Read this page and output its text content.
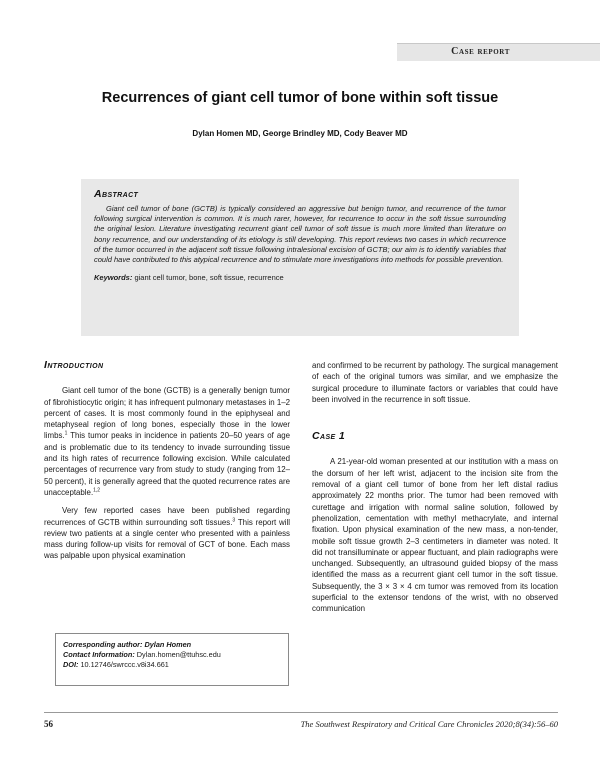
Case report
Recurrences of giant cell tumor of bone within soft tissue
Dylan Homen MD, George Brindley MD, Cody Beaver MD
Abstract

Giant cell tumor of bone (GCTB) is typically considered an aggressive but benign tumor, and recurrence of the tumor following surgical intervention is common. It is much rarer, however, for recurrence to occur in the soft tissue surrounding the original lesion. Literature investigating recurrent giant cell tumor of soft tissue is much more limited than literature on bony recurrence, and our understanding of its etiology is still developing. This report reviews two cases in which recurrence of the tumor occurred in the adjacent soft tissue following intralesional excision of GCTB; our aim is to identify variables that could have contributed to this atypical recurrence and to stimulate more investigations into methods for possible prevention.

Keywords: giant cell tumor, bone, soft tissue, recurrence
Introduction

Giant cell tumor of the bone (GCTB) is a generally benign tumor of fibrohistiocytic origin; it has infrequent pulmonary metastases in 1–2 percent of cases. It is most commonly found in the epiphyseal and metaphyseal region of long bones, especially those in the lower limbs.$^1$ This tumor peaks in incidence in patients 20–50 years of age and is problematic due to its tendency to invade surrounding tissue and its high rates of recurrence following excision. While calculated percentages of recurrence vary from study to study (ranging from 12–50 percent), it is generally agreed that the quoted recurrence rates are unacceptable.$^{1,2}$

Very few reported cases have been published regarding recurrences of GCTB within surrounding soft tissues.$^3$ This report will review two patients at a single center who presented with a painless mass during follow-up visits for removal of GCT of bone. Each mass was palpable upon physical examination

Corresponding author: Dylan Homen
Contact Information: Dylan.homen@ttuhsc.edu
DOI: 10.12746/swrccc.v8i34.661

and confirmed to be recurrent by pathology. The surgical management of each of the original tumors was similar, and we emphasize the surgical procedure to illuminate factors or variables that could have been involved in the recurrence in soft tissue.

Case 1

A 21-year-old woman presented at our institution with a mass on the dorsum of her left wrist, adjacent to the incision site from the removal of a giant cell tumor of bone from her left distal radius approximately 22 months prior. The tumor had been removed with curettage and irrigation with normal saline solution, followed by phenolization, cementation with methyl methacrylate, and internal fixation. Upon physical examination of the new mass, a non-tender, mobile soft tissue growth 2–3 centimeters in diameter was noted. It did not transilluminate or appear fluctuant, and plain radiographs were unchanged. Subsequently, an ultrasound guided biopsy of the mass identified the mass as a recurrent giant cell tumor in the soft tissue. Subsequently, the 3 × 3 × 4 cm tumor was removed from its location superficial to the extensor tendons of the wrist, with no observed communication

56	The Southwest Respiratory and Critical Care Chronicles 2020;8(34):56–60
